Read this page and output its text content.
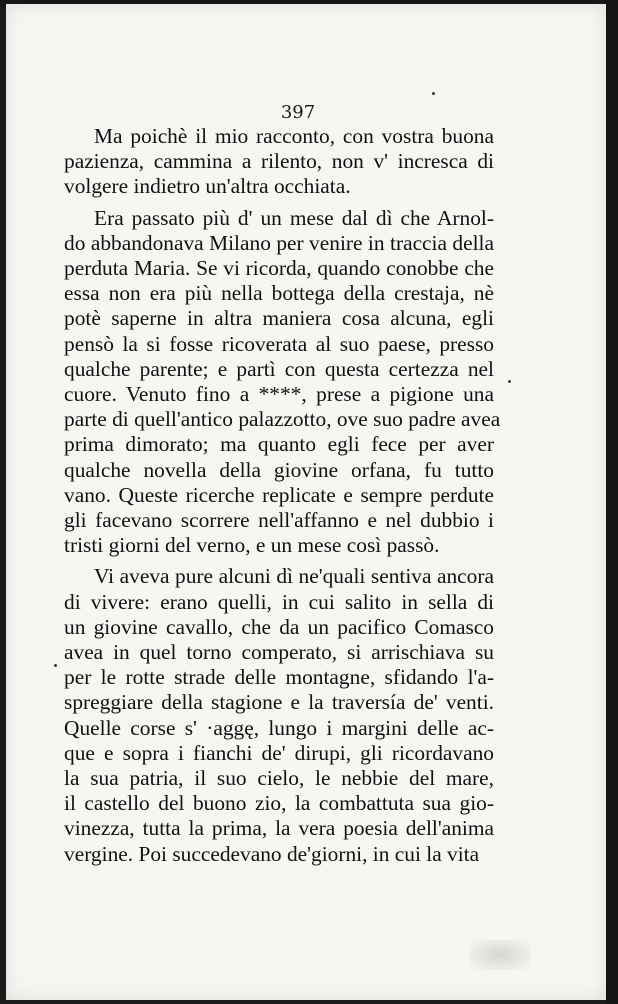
397

Ma poichè il mio racconto, con vostra buona
pazienza, cammina a rilento, non v' increscа di
volgere indietro un'altra occhiata.

Era passato più d' un mese dal dì che Arnol-
do abbandonava Milano per venire in traccia della
perduta Maria. Se vi ricorda, quando conobbe che
essa non era più nella bottega della crestaja, nè
potè saperne in altra maniera cosa alcuna, egli
pensò la si fosse ricoverata al suo paese, presso
qualche parente; e partì con questa certezza nel
cuore. Venuto fino a ****, prese a pigione una
parte di quell'antico palazzotto, ove suo padre avea
prima dimorato; ma quanto egli fece per aver
qualche novella della giovine orfana, fu tutto
vano. Queste ricerche replicate e sempre perdute
gli facevano scorrere nell'affanno e nel dubbio i
tristi giorni del verno, e un mese così passò.

Vi aveva pure alcuni dì ne'quali sentiva ancora
di vivere: erano quelli, in cui salito in sella di
un giovine cavallo, che da un pacifico Comasco
avea in quel torno comperato, si arrischiava su
per le rotte strade delle montagne, sfidando l'a-
spreggiare della stagione e la traversía de' venti.
Quelle corse s' ·aggę, lungo i margini delle ac-
que e sopra i fianchi de' dirupi, gli ricordavano
la sua patria, il suo cielo, le nebbie del mare,
il castello del buono zio, la combattuta sua gio-
vinezza, tutta la prima, la vera poesia dell'anima
vergine. Poi succedevano de'giorni, in cui la vita
